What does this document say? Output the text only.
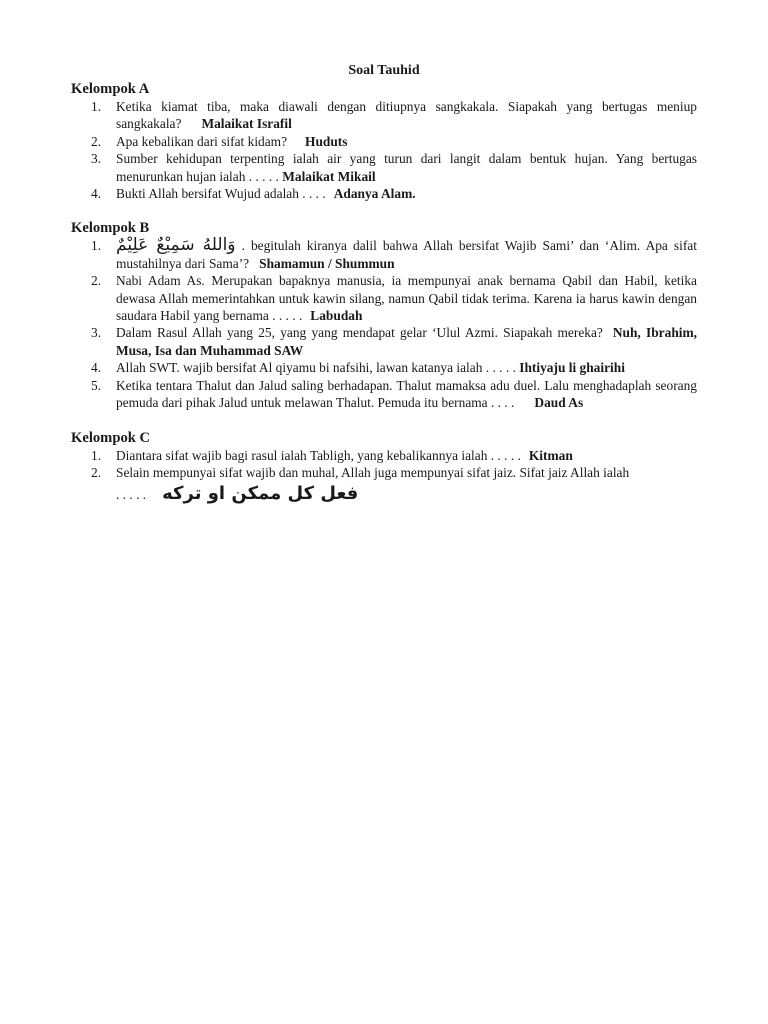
Soal Tauhid
Kelompok A
1. Ketika kiamat tiba, maka diawali dengan ditiupnya sangkakala. Siapakah yang bertugas meniup sangkakala? Malaikat Israfil
2. Apa kebalikan dari sifat kidam? Huduts
3. Sumber kehidupan terpenting ialah air yang turun dari langit dalam bentuk hujan. Yang bertugas menurunkan hujan ialah . . . . . Malaikat Mikail
4. Bukti Allah bersifat Wujud adalah . . . . Adanya Alam.
Kelompok B
1. وَاللهُ سَمِيْعٌ عَلِيْمٌ . begitulah kiranya dalil bahwa Allah bersifat Wajib Sami’ dan ‘Alim. Apa sifat mustahilnya dari Sama’? Shamamun / Shummun
2. Nabi Adam As. Merupakan bapaknya manusia, ia mempunyai anak bernama Qabil dan Habil, ketika dewasa Allah memerintahkan untuk kawin silang, namun Qabil tidak terima. Karena ia harus kawin dengan saudara Habil yang bernama . . . . . Labudah
3. Dalam Rasul Allah yang 25, yang yang mendapat gelar ‘Ulul Azmi. Siapakah mereka? Nuh, Ibrahim, Musa, Isa dan Muhammad SAW
4. Allah SWT. wajib bersifat Al qiyamu bi nafsihi, lawan katanya ialah . . . . . Ihtiyaju li ghairihi
5. Ketika tentara Thalut dan Jalud saling berhadapan. Thalut mamaksa adu duel. Lalu menghadaplah seorang pemuda dari pihak Jalud untuk melawan Thalut. Pemuda itu bernama . . . . Daud As
Kelompok C
1. Diantara sifat wajib bagi rasul ialah Tabligh, yang kebalikannya ialah . . . . . Kitman
2. Selain mempunyai sifat wajib dan muhal, Allah juga mempunyai sifat jaiz. Sifat jaiz Allah ialah
. . . . . فعل كل ممكن او تركه
